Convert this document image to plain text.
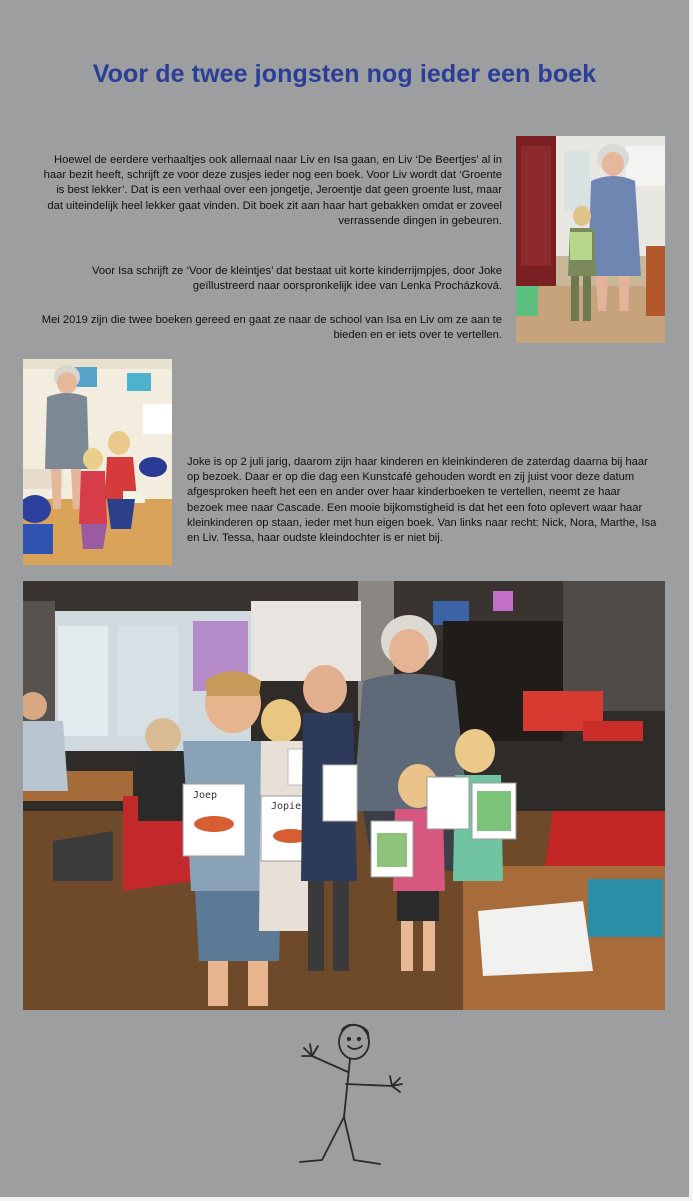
Voor de twee jongsten nog ieder een boek
Hoewel de eerdere verhaaltjes ook allemaal naar Liv en Isa gaan, en Liv ‘De Beertjes’ al in haar bezit heeft, schrijft ze voor deze zusjes ieder nog een boek. Voor Liv wordt dat ‘Groente is best lekker’. Dat is een verhaal over een jongetje, Jeroentje dat geen groente lust, maar dat uiteindelijk heel lekker gaat vinden. Dit boek zit aan haar hart gebakken omdat er zoveel verrassende dingen in gebeuren.
Voor Isa schrijft ze ‘Voor de kleintjes’ dat bestaat uit korte kinderrijmpjes, door Joke geïllustreerd naar oorspronkelijk idee van Lenka Procházková.
Mei 2019 zijn die twee boeken gereed en gaat ze naar de school van Isa en Liv om ze aan te bieden en er iets over te vertellen.
Joke is op 2 juli jarig, daarom zijn haar kinderen en kleinkinderen de zaterdag daarna bij haar op bezoek. Daar er op die dag een Kunstcafé gehouden wordt en zij juist voor deze datum afgesproken heeft het een en ander over haar kinderboeken te vertellen, neemt ze haar bezoek mee naar Cascade. Een mooie bijkomstigheid is dat het een foto oplevert waar haar kleinkinderen op staan, ieder met hun eigen boek. Van links naar recht: Nick, Nora, Marthe, Isa en Liv. Tessa, haar oudste kleindochter is er niet bij.
Joep
Jopie
